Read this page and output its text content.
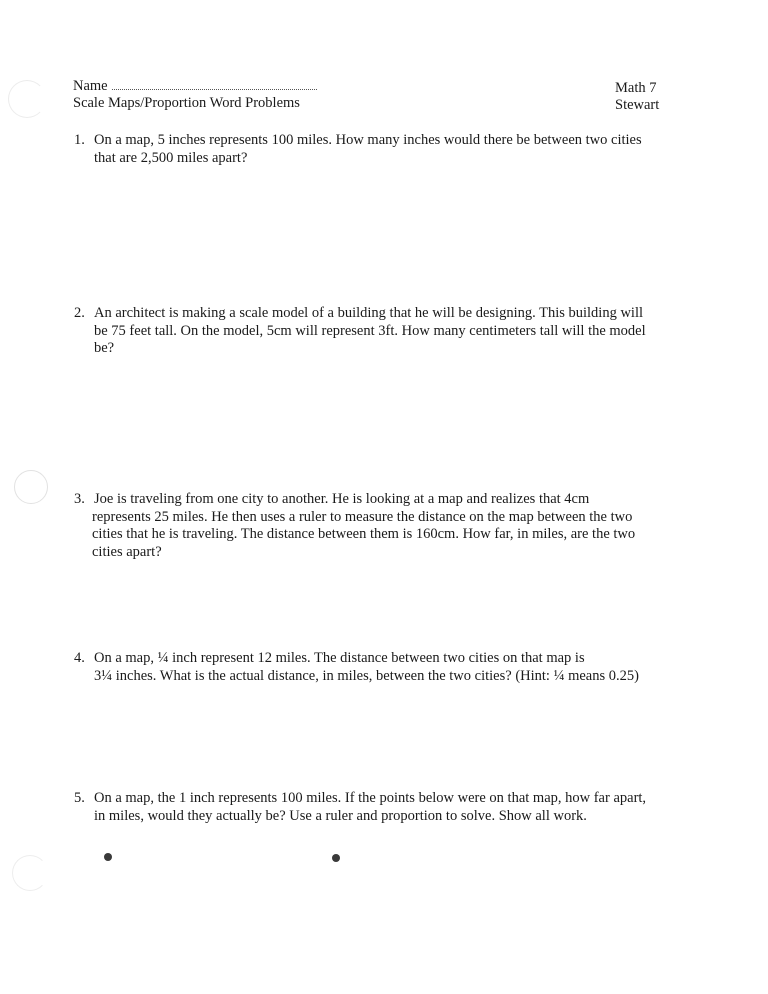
Name
Scale Maps/Proportion Word Problems
Math 7
Stewart
1. On a map, 5 inches represents 100 miles. How many inches would there be between two cities
that are 2,500 miles apart?
2. An architect is making a scale model of a building that he will be designing. This building will
be 75 feet tall. On the model, 5cm will represent 3ft. How many centimeters tall will the model
be?
3. Joe is traveling from one city to another. He is looking at a map and realizes that 4cm
represents 25 miles. He then uses a ruler to measure the distance on the map between the two
cities that he is traveling. The distance between them is 160cm. How far, in miles, are the two
cities apart?
4. On a map, ¼ inch represent 12 miles. The distance between two cities on that map is
3¼ inches. What is the actual distance, in miles, between the two cities? (Hint: ¼ means 0.25)
5. On a map, the 1 inch represents 100 miles. If the points below were on that map, how far apart,
in miles, would they actually be? Use a ruler and proportion to solve. Show all work.
